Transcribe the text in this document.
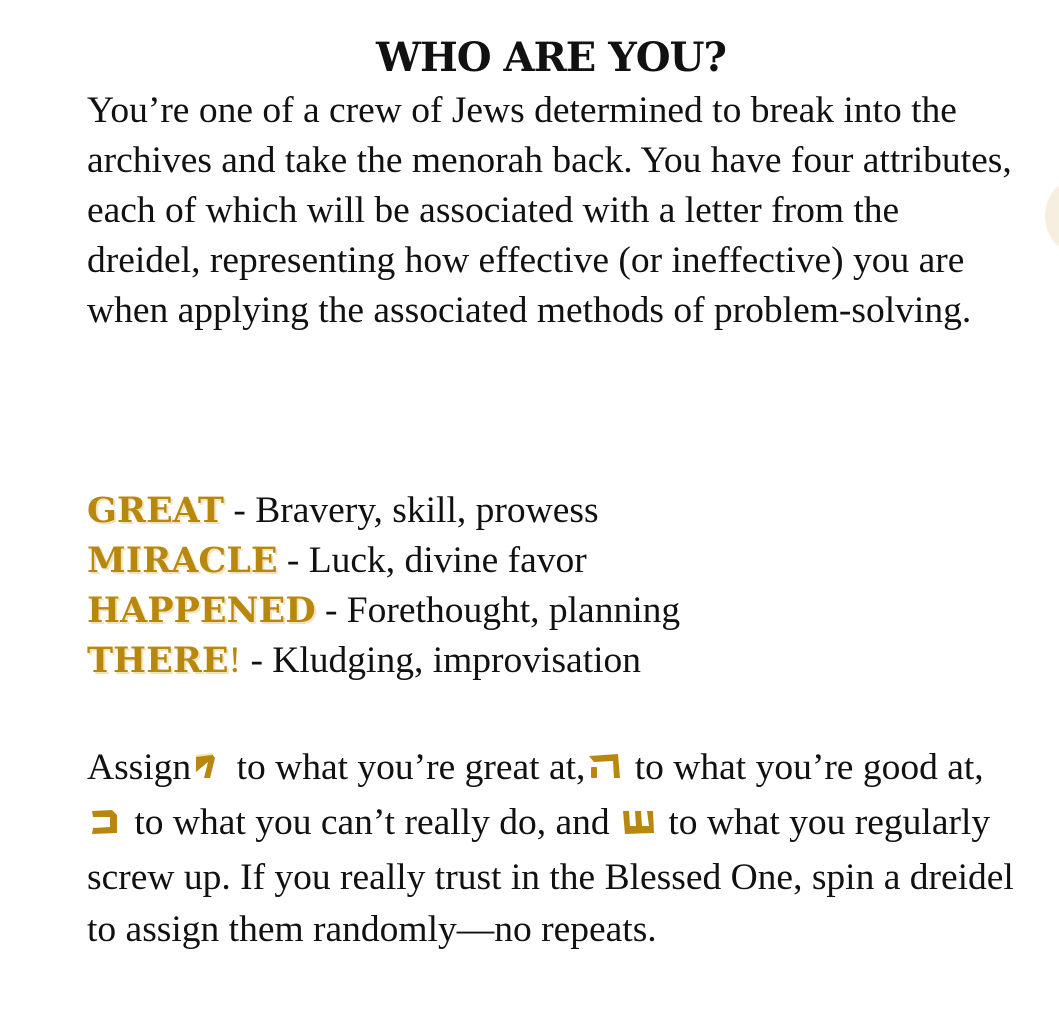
WHO ARE YOU?
You’re one of a crew of Jews determined to break into the archives and take the menorah back. You have four attributes, each of which will be associated with a letter from the dreidel, representing how effective (or ineffective) you are when applying the associated methods of problem-solving.
GREAT - Bravery, skill, prowess
MIRACLE - Luck, divine favor
HAPPENED - Forethought, planning
THERE! - Kludging, improvisation
Assign to what you’re great at, to what you’re good at,  to what you can’t really do, and  to what you regularly screw up. If you really trust in the Blessed One, spin a dreidel to assign them randomly—no repeats.
